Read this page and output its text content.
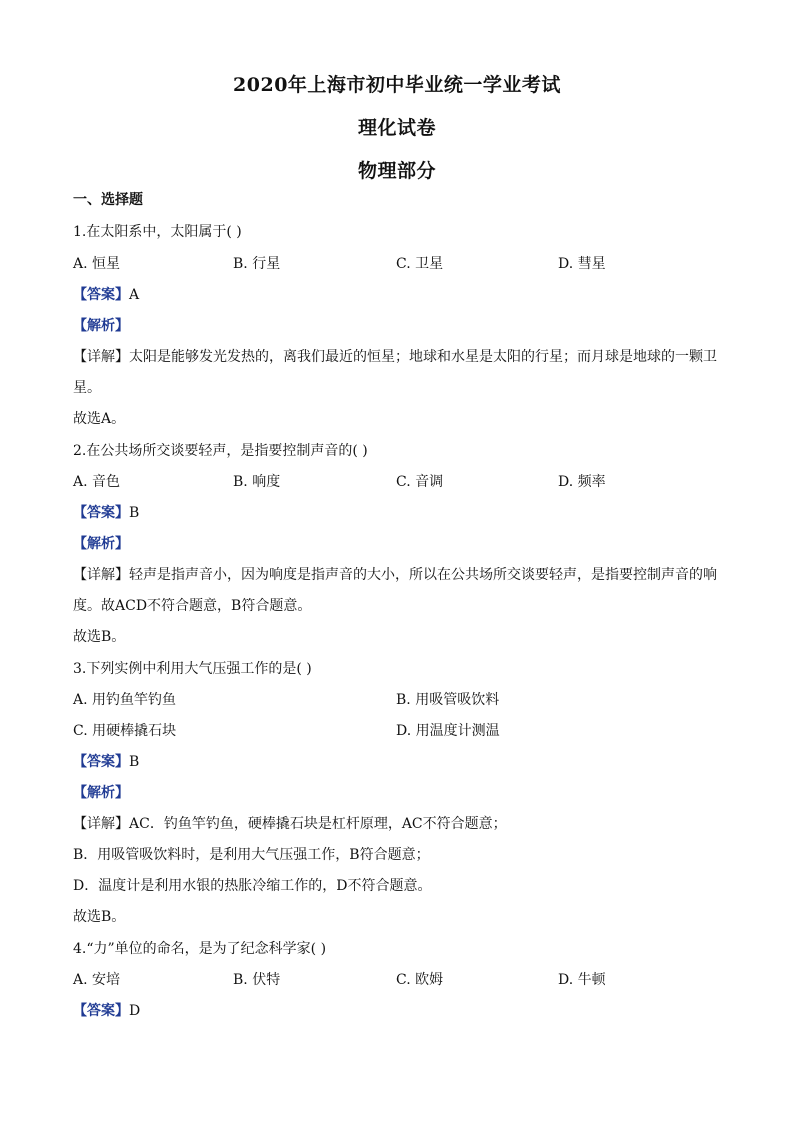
2020年上海市初中毕业统一学业考试
理化试卷
物理部分
一、选择题
1.在太阳系中，太阳属于( )
A. 恒星	B. 行星	C. 卫星	D. 彗星
【答案】A
【解析】
【详解】太阳是能够发光发热的，离我们最近的恒星；地球和水星是太阳的行星；而月球是地球的一颗卫
星。
故选A。
2.在公共场所交谈要轻声，是指要控制声音的( )
A. 音色	B. 响度	C. 音调	D. 频率
【答案】B
【解析】
【详解】轻声是指声音小，因为响度是指声音的大小，所以在公共场所交谈要轻声，是指要控制声音的响
度。故ACD不符合题意，B符合题意。
故选B。
3.下列实例中利用大气压强工作的是( )
A. 用钓鱼竿钓鱼	B. 用吸管吸饮料
C. 用硬棒撬石块	D. 用温度计测温
【答案】B
【解析】
【详解】AC．钓鱼竿钓鱼，硬棒撬石块是杠杆原理，AC不符合题意；
B．用吸管吸饮料时，是利用大气压强工作，B符合题意；
D．温度计是利用水银的热胀冷缩工作的，D不符合题意。
故选B。
4.“力”单位的命名，是为了纪念科学家( )
A. 安培	B. 伏特	C. 欧姆	D. 牛顿
【答案】D
